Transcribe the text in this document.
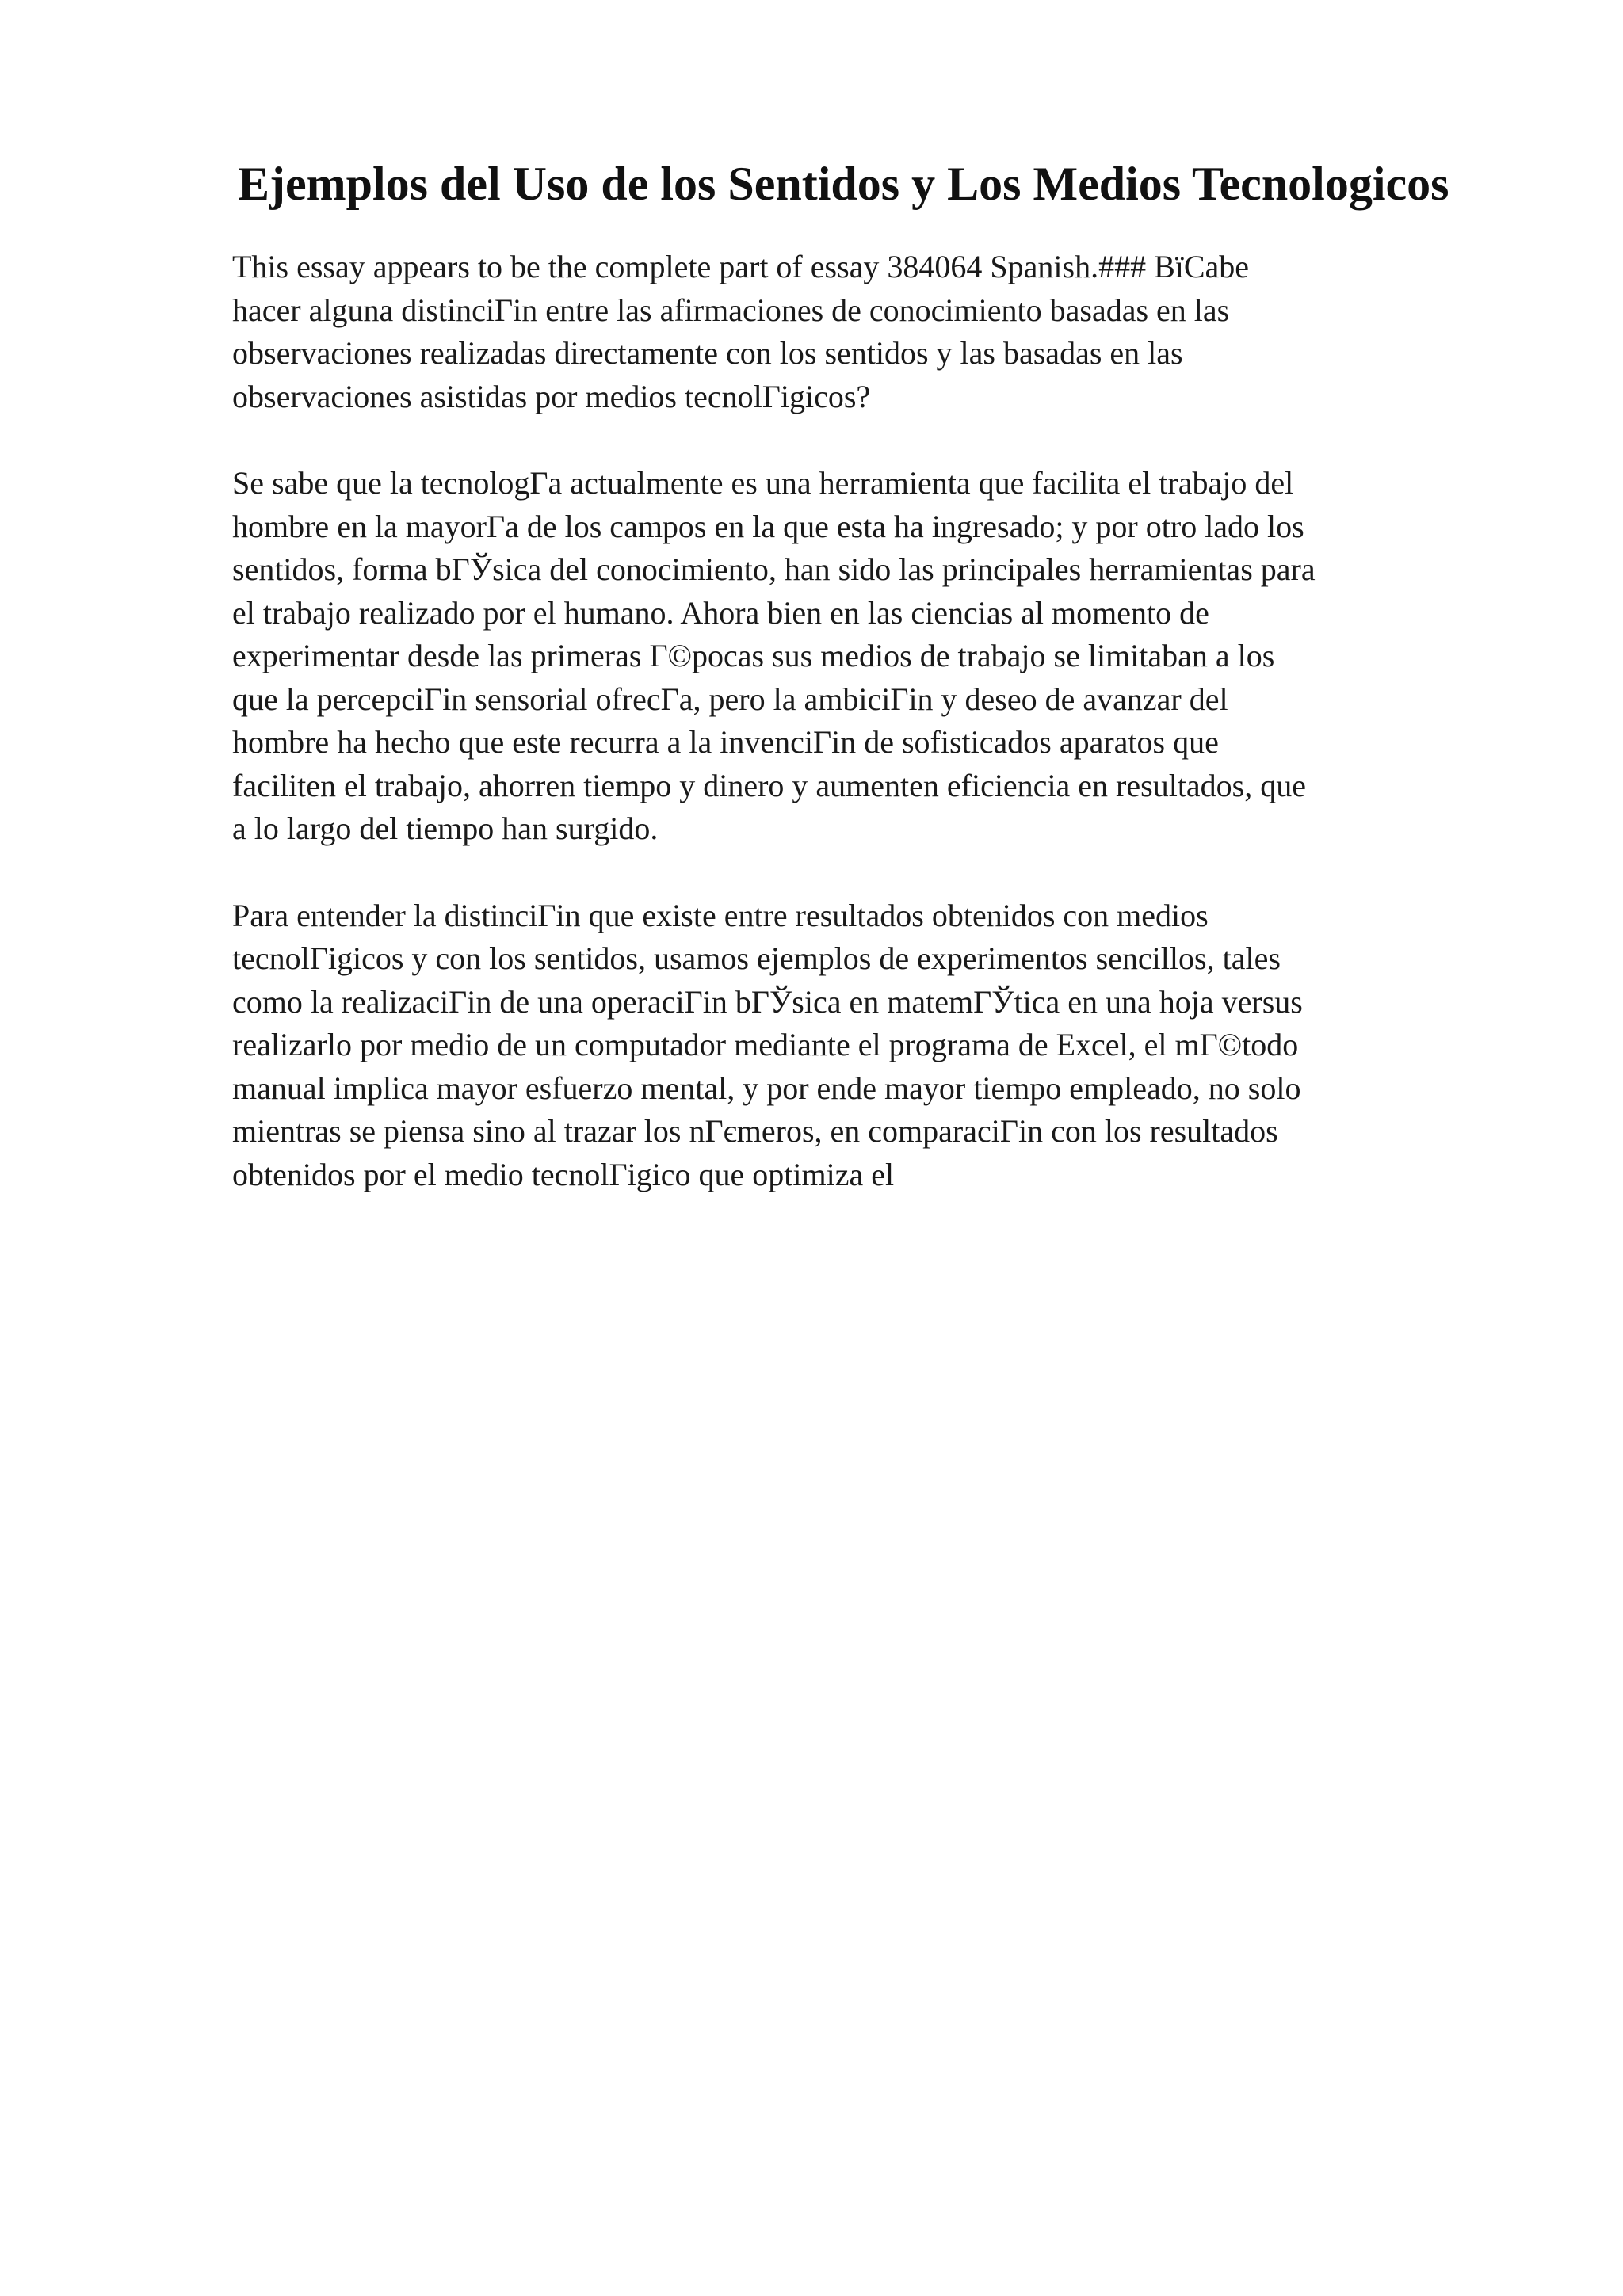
Ejemplos del Uso de los Sentidos y Los Medios Tecnologicos

This essay appears to be the complete part of essay 384064 Spanish.### BїCabe
hacer alguna distinciГin entre las afirmaciones de conocimiento basadas en las
observaciones realizadas directamente con los sentidos y las basadas en las
observaciones asistidas por medios tecnolГigicos?

Se sabe que la tecnologГa actualmente es una herramienta que facilita el trabajo del
hombre en la mayorГa de los campos en la que esta ha ingresado; y por otro lado los
sentidos, forma bГЎsica del conocimiento, han sido las principales herramientas para
el trabajo realizado por el humano. Ahora bien en las ciencias al momento de
experimentar desde las primeras Г©pocas sus medios de trabajo se limitaban a los
que la percepciГin sensorial ofrecГa, pero la ambiciГin y deseo de avanzar del
hombre ha hecho que este recurra a la invenciГin de sofisticados aparatos que
faciliten el trabajo, ahorren tiempo y dinero y aumenten eficiencia en resultados, que
a lo largo del tiempo han surgido.

Para entender la distinciГin que existe entre resultados obtenidos con medios
tecnolГigicos y con los sentidos, usamos ejemplos de experimentos sencillos, tales
como la realizaciГin de una operaciГin bГЎsica en matemГЎtica en una hoja versus
realizarlo por medio de un computador mediante el programa de Excel, el mГ©todo
manual implica mayor esfuerzo mental, y por ende mayor tiempo empleado, no solo
mientras se piensa sino al trazar los nГєmeros, en comparaciГin con los resultados
obtenidos por el medio tecnolГigico que optimiza el
